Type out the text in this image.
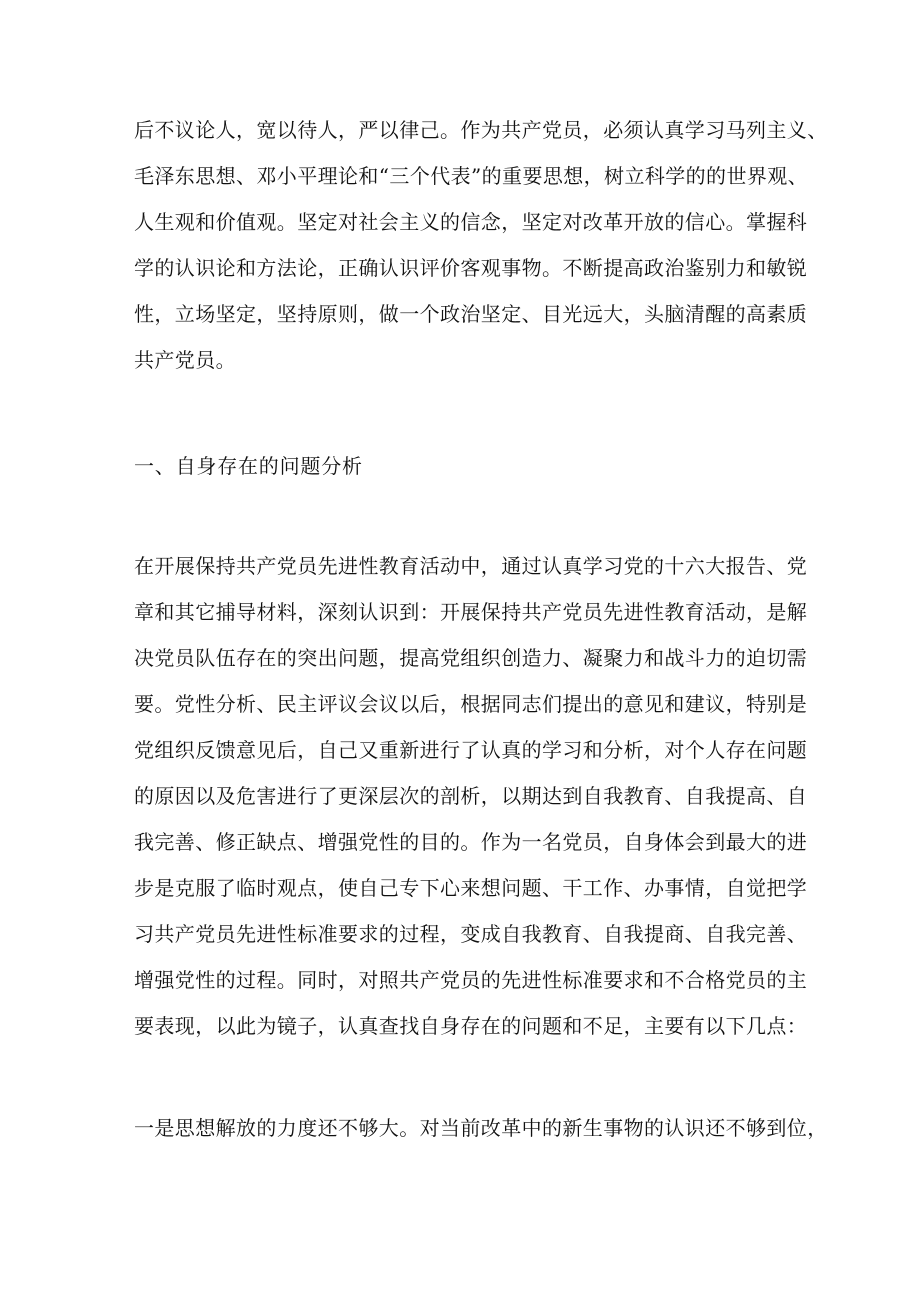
后不议论人，宽以待人，严以律己。作为共产党员，必须认真学习马列主义、
毛泽东思想、邓小平理论和“三个代表”的重要思想，树立科学的的世界观、
人生观和价值观。坚定对社会主义的信念，坚定对改革开放的信心。掌握科
学的认识论和方法论，正确认识评价客观事物。不断提高政治鉴别力和敏锐
性，立场坚定，坚持原则，做一个政治坚定、目光远大，头脑清醒的高素质
共产党员。
一、自身存在的问题分析
在开展保持共产党员先进性教育活动中，通过认真学习党的十六大报告、党
章和其它捕导材料，深刻认识到：开展保持共产党员先进性教育活动，是解
决党员队伍存在的突出问题，提高党组织创造力、凝聚力和战斗力的迫切需
要。党性分析、民主评议会议以后，根据同志们提出的意见和建议，特别是
党组织反馈意见后，自己又重新进行了认真的学习和分析，对个人存在问题
的原因以及危害进行了更深层次的剖析，以期达到自我教育、自我提高、自
我完善、修正缺点、增强党性的目的。作为一名党员，自身体会到最大的进
步是克服了临时观点，使自己专下心来想问题、干工作、办事情，自觉把学
习共产党员先进性标准要求的过程，变成自我教育、自我提商、自我完善、
增强党性的过程。同时，对照共产党员的先进性标准要求和不合格党员的主
要表现，以此为镜子，认真查找自身存在的问题和不足，主要有以下几点：
一是思想解放的力度还不够大。对当前改革中的新生事物的认识还不够到位，
